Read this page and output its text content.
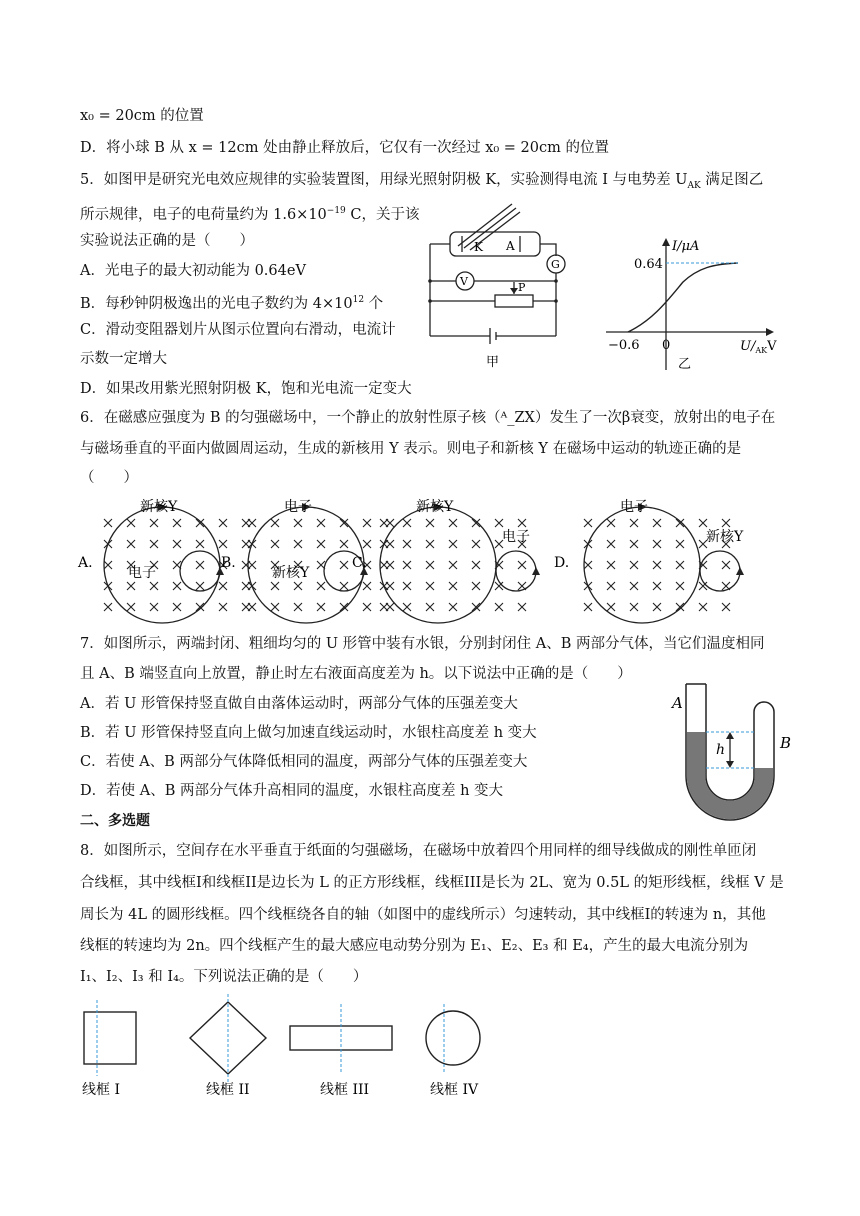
x₀ = 20cm 的位置
D．将小球 B 从 x = 12cm 处由静止释放后，它仅有一次经过 x₀ = 20cm 的位置
5．如图甲是研究光电效应规律的实验装置图，用绿光照射阴极 K，实验测得电流 I 与电势差 $U_{AK}$ 满足图乙
所示规律，电子的电荷量约为 $1.6\times 10^{-19}$ C，关于该
实验说法正确的是（　　）
A．光电子的最大初动能为 0.64eV
B．每秒钟阴极逸出的光电子数约为 $4\times 10^{12}$ 个
C．滑动变阻器划片从图示位置向右滑动，电流计
示数一定增大
D．如果改用紫光照射阴极 K，饱和光电流一定变大
K A
G
V	P
甲
I/μA
0.64
−0.6 0	$U/_{AK}V$
乙
6．在磁感应强度为 B 的匀强磁场中，一个静止的放射性原子核（ᴬ_ZX）发生了一次β衰变，放射出的电子在
与磁场垂直的平面内做圆周运动，生成的新核用 Y 表示。则电子和新核 Y 在磁场中运动的轨迹正确的是
（　　）
A.
新核Y
电子
B.
电子
新核Y
C.
新核Y
电子
D.
电子
新核Y
7．如图所示，两端封闭、粗细均匀的 U 形管中装有水银，分别封闭住 A、B 两部分气体，当它们温度相同
且 A、B 端竖直向上放置，静止时左右液面高度差为 h。以下说法中正确的是（　　）
A．若 U 形管保持竖直做自由落体运动时，两部分气体的压强差变大
B．若 U 形管保持竖直向上做匀加速直线运动时，水银柱高度差 h 变大
C．若使 A、B 两部分气体降低相同的温度，两部分气体的压强差变大
D．若使 A、B 两部分气体升高相同的温度，水银柱高度差 h 变大
h
A
B
二、多选题
8．如图所示，空间存在水平垂直于纸面的匀强磁场，在磁场中放着四个用同样的细导线做成的刚性单匝闭
合线框，其中线框I和线框II是边长为 L 的正方形线框，线框III是长为 2L、宽为 0.5L 的矩形线框，线框 V 是
周长为 4L 的圆形线框。四个线框绕各自的轴（如图中的虚线所示）匀速转动，其中线框I的转速为 n，其他
线框的转速均为 2n。四个线框产生的最大感应电动势分别为 E₁、E₂、E₃ 和 E₄，产生的最大电流分别为
I₁、I₂、I₃ 和 I₄。下列说法正确的是（　　）
线框 I	线框 II	线框 III	线框 IV
